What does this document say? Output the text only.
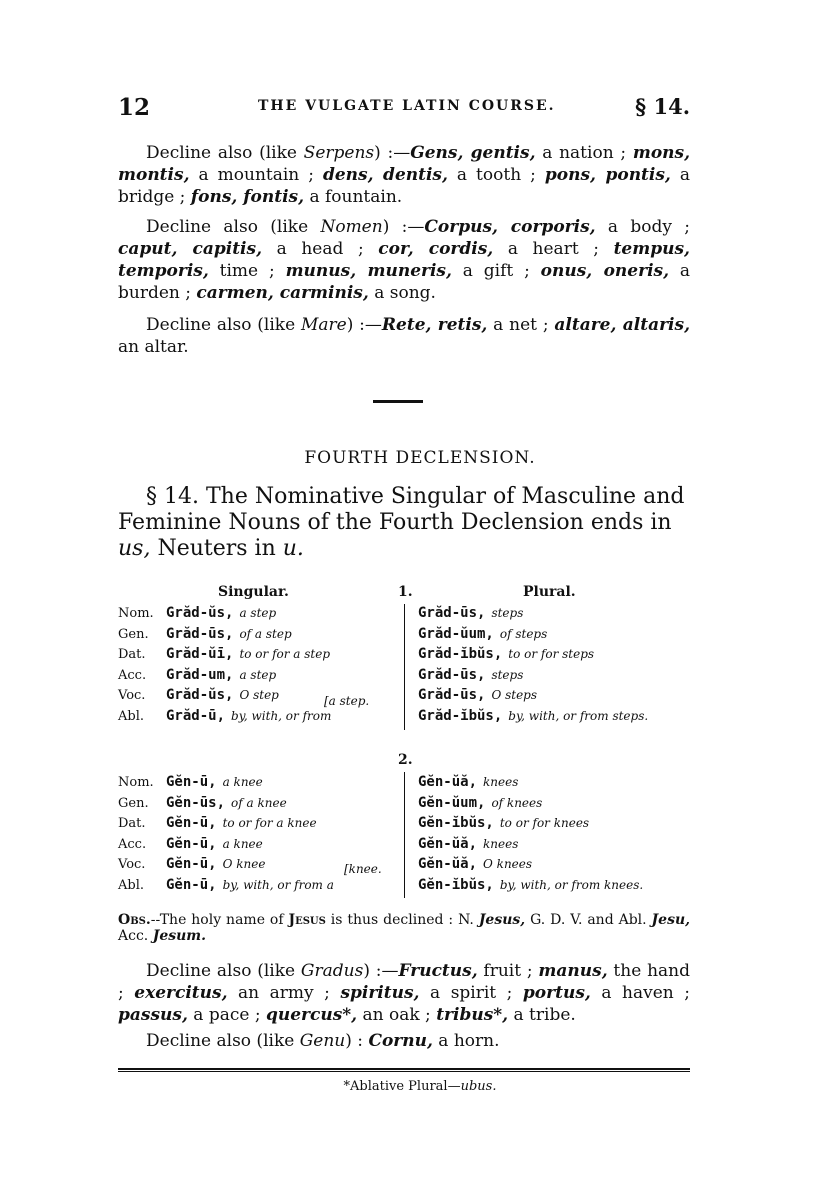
12	THE VULGATE LATIN COURSE.	§ 14.

Decline also (like Serpens) :—Gens, gentis, a nation ; mons, montis, a mountain ; dens, dentis, a tooth ; pons, pontis, a bridge ; fons, fontis, a fountain.

Decline also (like Nomen) :—Corpus, corporis, a body ; caput, capitis, a head ; cor, cordis, a heart ; tempus, temporis, time ; munus, muneris, a gift ; onus, oneris, a burden ; carmen, carminis, a song.

Decline also (like Mare) :—Rete, retis, a net ; altare, altaris, an altar.

FOURTH DECLENSION.

§ 14. The Nominative Singular of Masculine and Feminine Nouns of the Fourth Declension ends in us, Neuters in u.

Singular.	1.	Plural.
Nom. Grăd-ŭs, a step	Grăd-ūs, steps
Gen. Grăd-ūs, of a step	Grăd-ŭum, of steps
Dat. Grăd-ŭī, to or for a step	Grăd-ĭbŭs, to or for steps
Acc. Grăd-um, a step	Grăd-ūs, steps
Voc. Grăd-ŭs, O step	Grăd-ūs, O steps
Abl. Grăd-ū, by, with, or from	Grăd-ĭbŭs, by, with, or from steps.
[a step.
2.
Nom. Gĕn-ū, a knee	Gĕn-ŭă, knees
Gen. Gĕn-ūs, of a knee	Gĕn-ŭum, of knees
Dat. Gĕn-ū, to or for a knee	Gĕn-ĭbŭs, to or for knees
Acc. Gĕn-ū, a knee	Gĕn-ŭă, knees
Voc. Gĕn-ū, O knee	Gĕn-ŭă, O knees
Abl. Gĕn-ū, by, with, or from a	Gĕn-ĭbŭs, by, with, or from knees.
[knee.

Obs.--The holy name of Jesus is thus declined : N. Jesus, G. D. V. and Abl. Jesu, Acc. Jesum.

Decline also (like Gradus) :—Fructus, fruit ; manus, the hand ; exercitus, an army ; spiritus, a spirit ; portus, a haven ; passus, a pace ; quercus*, an oak ; tribus*, a tribe.

Decline also (like Genu) : Cornu, a horn.

*Ablative Plural—ubus.
